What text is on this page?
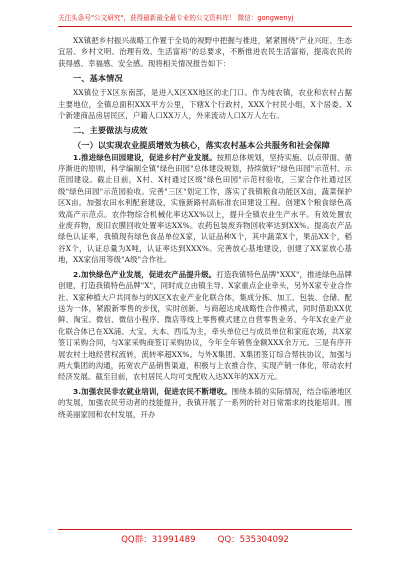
关注头条号"公文研究"，获得最新最全最专业的公文资料库！ 微信：gongwenyj

XX镇把乡村振兴战略工作置于全局的视野中把握与推进，紧紧围绕"产业兴旺、生态宜居、乡村文明、治理有效、生活富裕"的总要求，不断推进农民生活富裕，提高农民的获得感、幸福感、安全感。现将相关情况报告如下：

一、基本情况

XX镇位于X区东南部，是进入X区XX地区的北门口。作为纯农镇，农业和农村占据主要地位，全镇总面积XXX平方公里，下辖X个行政村，XXX个村民小组，X个居委、X个新建商品房居民区，户籍人口XX万人，外来流动人口X万人左右。

二、主要做法与成效

（一）以实现农业提质增效为核心，落实农村基本公共服务和社会保障

1.推进绿色田园建设，促进乡村产业发展。按照总体规划，坚持实施、以点带面、循序渐进的原则，科学编制全镇"绿色田园"总体建设规划，持续做好"绿色田园"示范村、示范园建设。截止目前，X村、X村通过区级"绿色田园"示范村验收，三家合作社通过区级"绿色田园"示范园验收。完善"三区"划定工作，落实了我镇粮食功能区X亩，蔬菜保护区X亩。加强农田水利配套建设，实施新路村高标准农田建设工程。创建X个粮食绿色高效高产示范点。农作物综合机械化率达XX%以上，提升全镇农业生产水平。有效处置农业废弃物，废旧农膜回收处置率达XX%。农药包装废弃物回收率达到XX%。提高农产品绿色认证率，我镇现有绿色食品单位X家，认证品种X个，其中蔬菜X个，果品XX个，稻谷X个，认证总量为X吨，认证率达到XXX%。完善放心基地建设，创建了XX家放心基地，XX家信用等级"A级"合作社。

2.加快绿色产业发展，促进农产品提升级。打造我镇特色品牌"XXX"，推进绿色品牌创建，打造我镇特色品牌"X"，同时成立由镇主导、X家重点企业牵头，另外X家专业合作社、X家种植大户共同参与的X区X农业产业化联合体，集成分拣、加工、包装、仓储、配送为一体，紧跟新零售的步伐，实时创新。与商超达成战略性合作模式，同时借助XX优鲜、淘宝、微信、微信小程序、微店等线上零售模式建立自营零售业务。今年X农业产业化联合体已在XX浦、大宝、大本、西瓜为主，牵头单位已与成员单位和家庭农场，共X家签订采购合同，与X家采购商签订采购协议，今年全年销售金额XXX余万元。三是有序开展农村土地经营权流转，流转率超XX%。与外X集团、X集团签订综合帮扶协议，加强与两大集团的沟通，拓宽农产品销售渠道，积极与上农推合作，实现产销一体化，带动农村经济发展。截至目前，农村居民人均可支配收入达XX年的XX万元。

3.加强农民非农就业培训，促进农民不断增收。围绕本镇的实际情况，结合临港地区的发展，加强农民劳动者的技能提升，我镇开展了一系列的针对日常需求的技能培训。围绕美丽家园和农村发展，开办

QQ群：31991489	QQ：535304092
